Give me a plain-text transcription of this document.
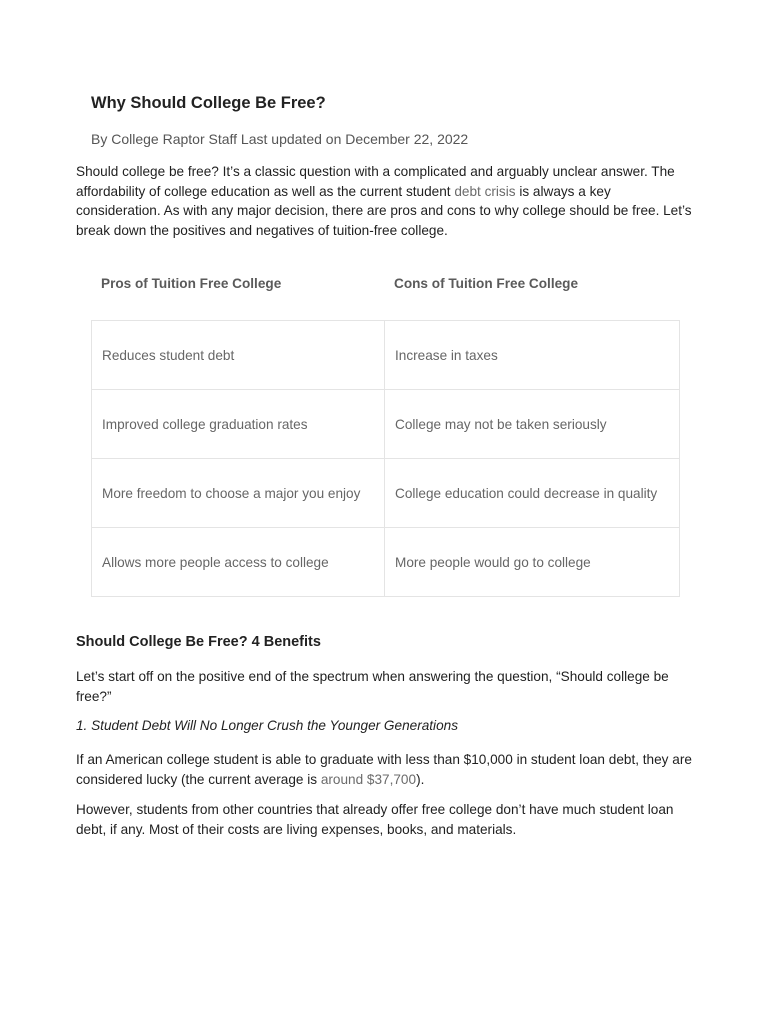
Why Should College Be Free?

By College Raptor Staff Last updated on December 22, 2022

Should college be free? It’s a classic question with a complicated and arguably unclear answer. The affordability of college education as well as the current student debt crisis is always a key consideration. As with any major decision, there are pros and cons to why college should be free. Let’s break down the positives and negatives of tuition-free college.

Pros of Tuition Free College	Cons of Tuition Free College

Reduces student debt	Increase in taxes
Improved college graduation rates	College may not be taken seriously
More freedom to choose a major you enjoy	College education could decrease in quality
Allows more people access to college	More people would go to college
Should College Be Free? 4 Benefits

Let’s start off on the positive end of the spectrum when answering the question, “Should college be free?”

1. Student Debt Will No Longer Crush the Younger Generations

If an American college student is able to graduate with less than $10,000 in student loan debt, they are considered lucky (the current average is around $37,700).

However, students from other countries that already offer free college don’t have much student loan debt, if any. Most of their costs are living expenses, books, and materials.
